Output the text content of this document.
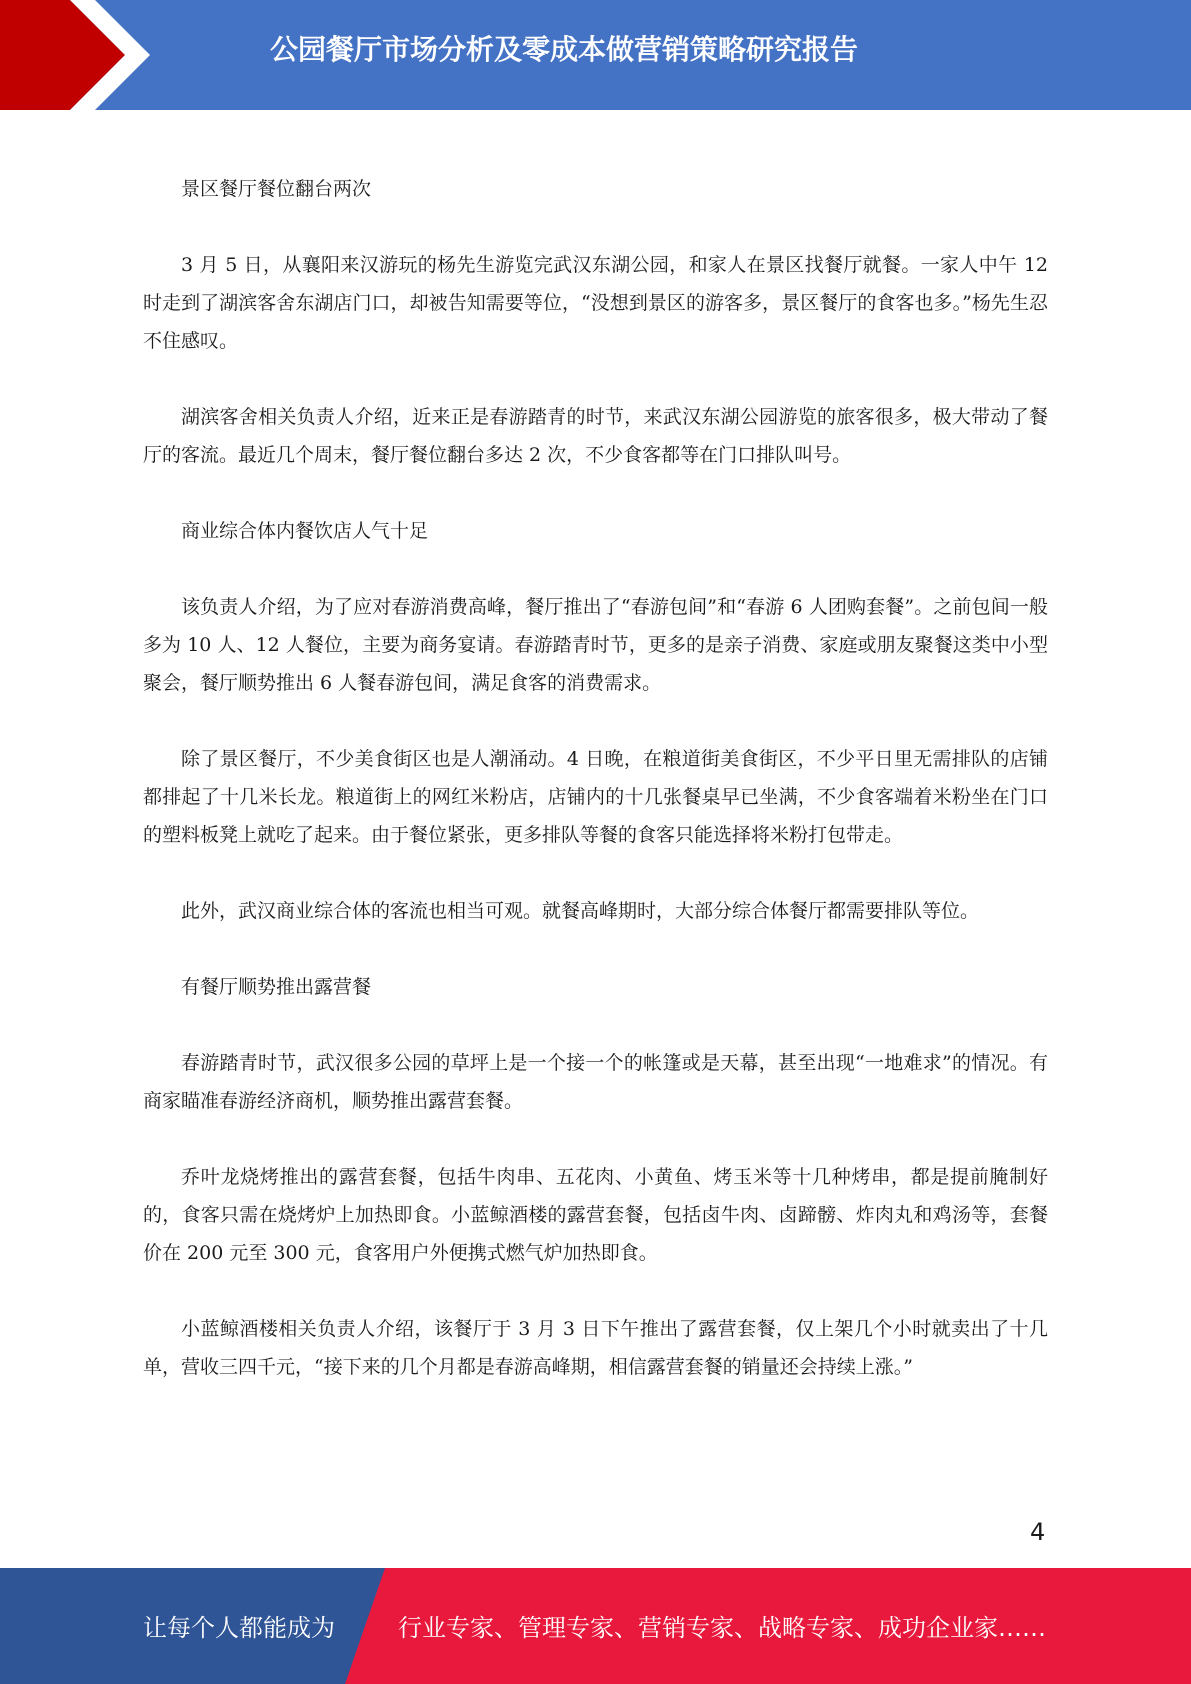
公园餐厅市场分析及零成本做营销策略研究报告

景区餐厅餐位翻台两次

3 月 5 日，从襄阳来汉游玩的杨先生游览完武汉东湖公园，和家人在景区找餐厅就餐。一家人中午 12 时走到了湖滨客舍东湖店门口，却被告知需要等位，“没想到景区的游客多，景区餐厅的食客也多。”杨先生忍不住感叹。

湖滨客舍相关负责人介绍，近来正是春游踏青的时节，来武汉东湖公园游览的旅客很多，极大带动了餐厅的客流。最近几个周末，餐厅餐位翻台多达 2 次，不少食客都等在门口排队叫号。

商业综合体内餐饮店人气十足

该负责人介绍，为了应对春游消费高峰，餐厅推出了“春游包间”和“春游 6 人团购套餐”。之前包间一般多为 10 人、12 人餐位，主要为商务宴请。春游踏青时节，更多的是亲子消费、家庭或朋友聚餐这类中小型聚会，餐厅顺势推出 6 人餐春游包间，满足食客的消费需求。

除了景区餐厅，不少美食街区也是人潮涌动。4 日晚，在粮道街美食街区，不少平日里无需排队的店铺都排起了十几米长龙。粮道街上的网红米粉店，店铺内的十几张餐桌早已坐满，不少食客端着米粉坐在门口的塑料板凳上就吃了起来。由于餐位紧张，更多排队等餐的食客只能选择将米粉打包带走。

此外，武汉商业综合体的客流也相当可观。就餐高峰期时，大部分综合体餐厅都需要排队等位。

有餐厅顺势推出露营餐

春游踏青时节，武汉很多公园的草坪上是一个接一个的帐篷或是天幕，甚至出现“一地难求”的情况。有商家瞄准春游经济商机，顺势推出露营套餐。

乔叶龙烧烤推出的露营套餐，包括牛肉串、五花肉、小黄鱼、烤玉米等十几种烤串，都是提前腌制好的，食客只需在烧烤炉上加热即食。小蓝鲸酒楼的露营套餐，包括卤牛肉、卤蹄髈、炸肉丸和鸡汤等，套餐价在 200 元至 300 元，食客用户外便携式燃气炉加热即食。

小蓝鲸酒楼相关负责人介绍，该餐厅于 3 月 3 日下午推出了露营套餐，仅上架几个小时就卖出了十几单，营收三四千元，“接下来的几个月都是春游高峰期，相信露营套餐的销量还会持续上涨。”

4
让每个人都能成为	行业专家、管理专家、营销专家、战略专家、成功企业家……
